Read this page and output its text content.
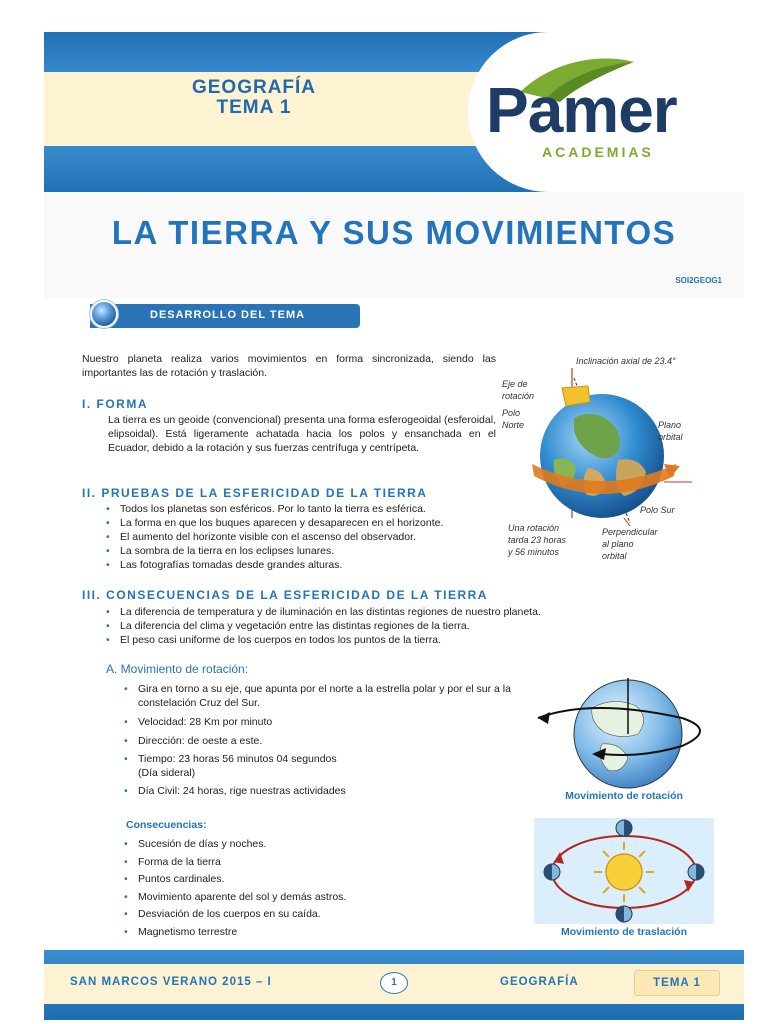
GEOGRAFÍA
TEMA 1	Pamer
ACADEMIAS
LA TIERRA Y SUS MOVIMIENTOS
SOI2GEOG1
DESARROLLO DEL TEMA

Nuestro planeta realiza varios movimientos en forma sincronizada, siendo las importantes las de rotación y traslación.

I. FORMA

La tierra es un geoide (convencional) presenta una forma esferogeoidal (esferoidal, elipsoidal). Está ligeramente achatada hacia los polos y ensanchada en el Ecuador, debido a la rotación y sus fuerzas centrífuga y centrípeta.

II. PRUEBAS DE LA ESFERICIDAD DE LA TIERRA
• Todos los planetas son esféricos. Por lo tanto la tierra es esférica.
• La forma en que los buques aparecen y desaparecen en el horizonte.
• El aumento del horizonte visible con el ascenso del observador.
• La sombra de la tierra en los eclipses lunares.
• Las fotografías tomadas desde grandes alturas.
III. CONSECUENCIAS DE LA ESFERICIDAD DE LA TIERRA
• La diferencia de temperatura y de iluminación en las distintas regiones de nuestro planeta.
• La diferencia del clima y vegetación entre las distintas regiones de la tierra.
• El peso casi uniforme de los cuerpos en todos los puntos de la tierra.
A. Movimiento de rotación:
• Gira en torno a su eje, que apunta por el norte a la estrella polar y por el sur a la constelación Cruz del Sur.
• Velocidad: 28 Km por minuto
• Dirección: de oeste a este.
• Tiempo: 23 horas 56 minutos 04 segundos
(Día sideral)
• Día Civil: 24 horas, rige nuestras actividades
Consecuencias:
• Sucesión de días y noches.
• Forma de la tierra
• Puntos cardinales.
• Movimiento aparente del sol y demás astros.
• Desviación de los cuerpos en su caída.
• Magnetismo terrestre
Inclinación axial de 23.4°
Eje de
rotación
Polo
Norte	Plano
orbital
Polo Sur
Una rotación
tarda 23 horas
y 56 minutos
Perpendicular
al plano
orbital
Movimiento de rotación
Movimiento de traslación
SAN MARCOS VERANO 2015 – I	1	GEOGRAFÍA	TEMA 1
